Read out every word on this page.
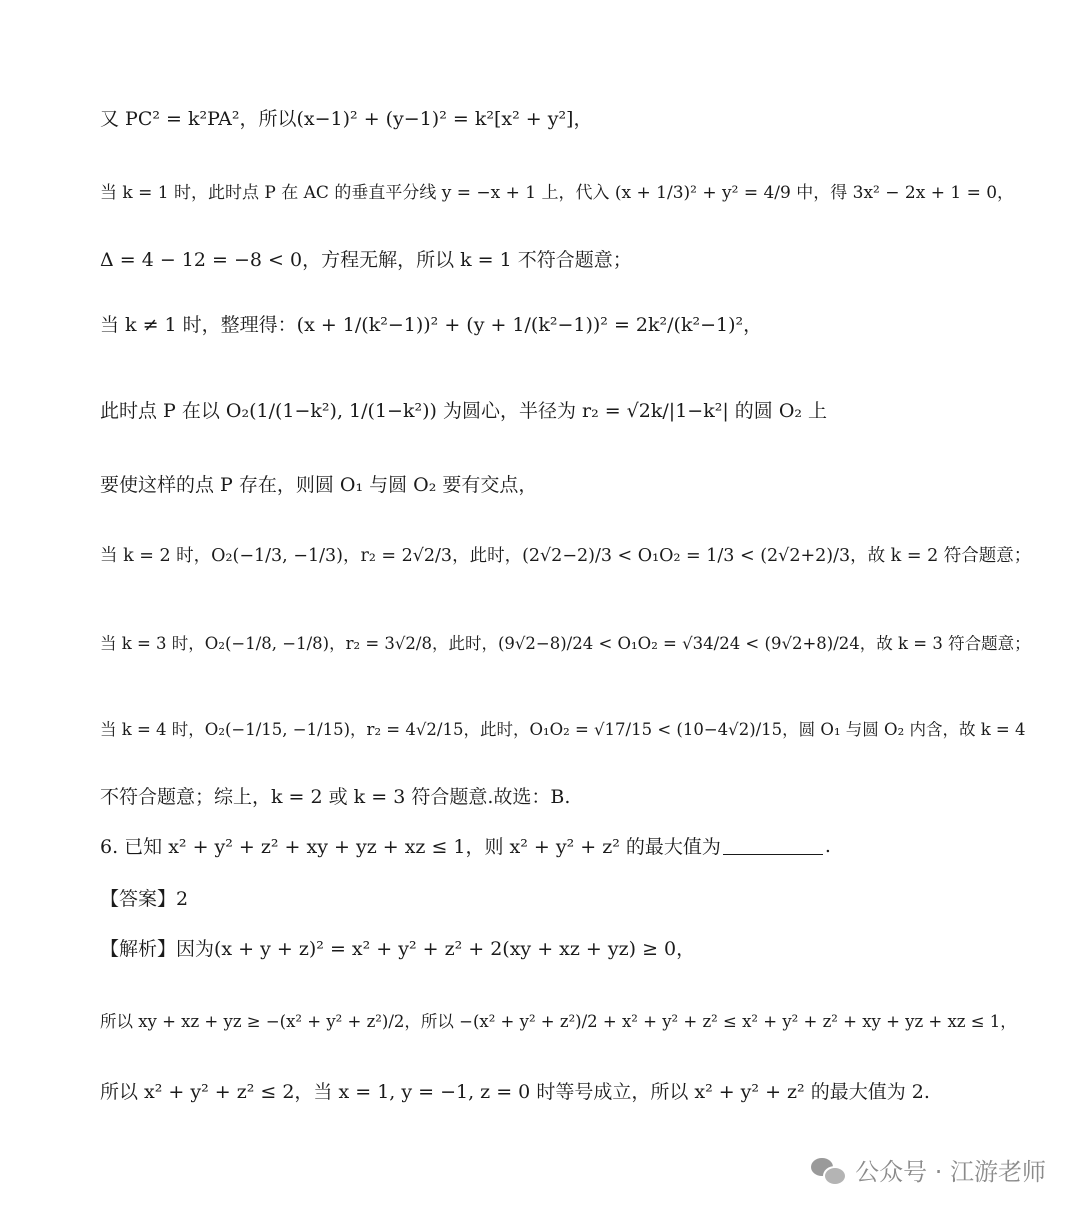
又 PC² = k²PA²，所以(x−1)² + (y−1)² = k²[x² + y²]，
当 k = 1 时，此时点 P 在 AC 的垂直平分线 y = −x + 1 上，代入 (x + 1/3)² + y² = 4/9 中，得 3x² − 2x + 1 = 0，
Δ = 4 − 12 = −8 < 0，方程无解，所以 k = 1 不符合题意；
当 k ≠ 1 时，整理得：(x + 1/(k²−1))² + (y + 1/(k²−1))² = 2k²/(k²−1)²，
此时点 P 在以 O₂(1/(1−k²), 1/(1−k²)) 为圆心，半径为 r₂ = √2k/|1−k²| 的圆 O₂ 上
要使这样的点 P 存在，则圆 O₁ 与圆 O₂ 要有交点，
当 k = 2 时，O₂(−1/3, −1/3)，r₂ = 2√2/3，此时，(2√2−2)/3 < O₁O₂ = 1/3 < (2√2+2)/3，故 k = 2 符合题意；
当 k = 3 时，O₂(−1/8, −1/8)，r₂ = 3√2/8，此时，(9√2−8)/24 < O₁O₂ = √34/24 < (9√2+8)/24，故 k = 3 符合题意；
当 k = 4 时，O₂(−1/15, −1/15)，r₂ = 4√2/15，此时，O₁O₂ = √17/15 < (10−4√2)/15，圆 O₁ 与圆 O₂ 内含，故 k = 4
不符合题意；综上，k = 2 或 k = 3 符合题意.故选：B.
6. 已知 x² + y² + z² + xy + yz + xz ≤ 1，则 x² + y² + z² 的最大值为	.
【答案】2
【解析】因为(x + y + z)² = x² + y² + z² + 2(xy + xz + yz) ≥ 0，
所以 xy + xz + yz ≥ −(x² + y² + z²)/2，所以 −(x² + y² + z²)/2 + x² + y² + z² ≤ x² + y² + z² + xy + yz + xz ≤ 1，
所以 x² + y² + z² ≤ 2，当 x = 1, y = −1, z = 0 时等号成立，所以 x² + y² + z² 的最大值为 2.
公众号 · 江游老师
